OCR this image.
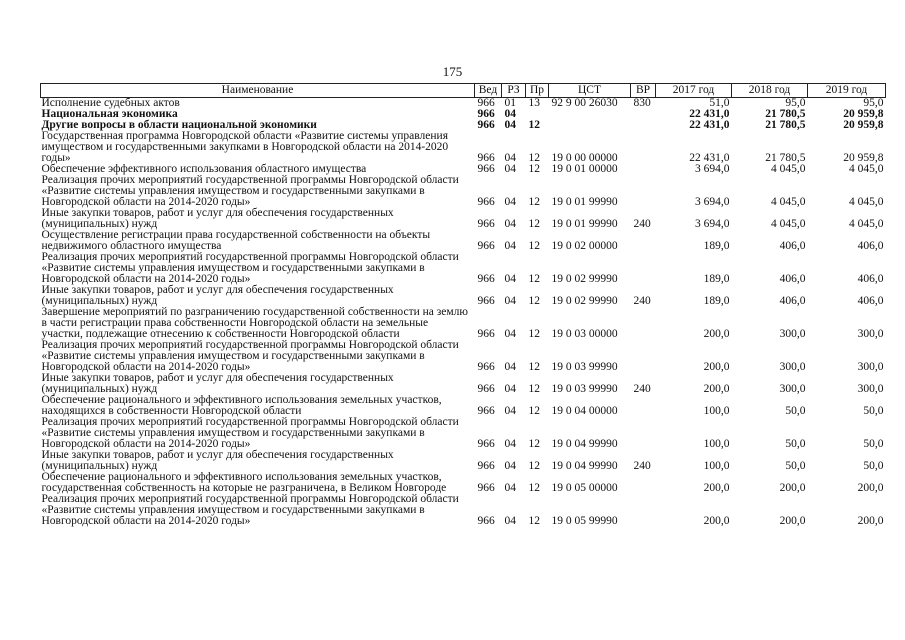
175
Наименование	Вед	РЗ	Пр	ЦСТ	ВР	2017 год	2018 год	2019 год
Исполнение судебных актов	966	01	13	92 9 00 26030	830	51,0	95,0	95,0
Национальная экономика	966	04				22 431,0	21 780,5	20 959,8
Другие вопросы в области национальной экономики	966	04	12			22 431,0	21 780,5	20 959,8
Государственная программа Новгородской области «Развитие системы управления имуществом и государственными закупками в Новгородской области на 2014-2020 годы»	966	04	12	19 0 00 00000		22 431,0	21 780,5	20 959,8
Обеспечение эффективного использования областного имущества	966	04	12	19 0 01 00000		3 694,0	4 045,0	4 045,0
Реализация прочих мероприятий государственной программы Новгородской области «Развитие системы управления имуществом и государственными закупками в Новгородской области на 2014-2020 годы»	966	04	12	19 0 01 99990		3 694,0	4 045,0	4 045,0
Иные закупки товаров, работ и услуг для обеспечения государственных (муниципальных) нужд	966	04	12	19 0 01 99990	240	3 694,0	4 045,0	4 045,0
Осуществление регистрации права государственной собственности на объекты недвижимого областного имущества	966	04	12	19 0 02 00000		189,0	406,0	406,0
Реализация прочих мероприятий государственной программы Новгородской области «Развитие системы управления имуществом и государственными закупками в Новгородской области на 2014-2020 годы»	966	04	12	19 0 02 99990		189,0	406,0	406,0
Иные закупки товаров, работ и услуг для обеспечения государственных (муниципальных) нужд	966	04	12	19 0 02 99990	240	189,0	406,0	406,0
Завершение мероприятий по разграничению государственной собственности на землю в части регистрации права собственности Новгородской области на земельные участки, подлежащие отнесению к собственности Новгородской области	966	04	12	19 0 03 00000		200,0	300,0	300,0
Реализация прочих мероприятий государственной программы Новгородской области «Развитие системы управления имуществом и государственными закупками в Новгородской области на 2014-2020 годы»	966	04	12	19 0 03 99990		200,0	300,0	300,0
Иные закупки товаров, работ и услуг для обеспечения государственных (муниципальных) нужд	966	04	12	19 0 03 99990	240	200,0	300,0	300,0
Обеспечение рационального и эффективного использования земельных участков, находящихся в собственности Новгородской области	966	04	12	19 0 04 00000		100,0	50,0	50,0
Реализация прочих мероприятий государственной программы Новгородской области «Развитие системы управления имуществом и государственными закупками в Новгородской области на 2014-2020 годы»	966	04	12	19 0 04 99990		100,0	50,0	50,0
Иные закупки товаров, работ и услуг для обеспечения государственных (муниципальных) нужд	966	04	12	19 0 04 99990	240	100,0	50,0	50,0
Обеспечение рационального и эффективного использования земельных участков, государственная собственность на которые не разграничена, в Великом Новгороде	966	04	12	19 0 05 00000		200,0	200,0	200,0
Реализация прочих мероприятий государственной программы Новгородской области «Развитие системы управления имуществом и государственными закупками в Новгородской области на 2014-2020 годы»	966	04	12	19 0 05 99990		200,0	200,0	200,0
